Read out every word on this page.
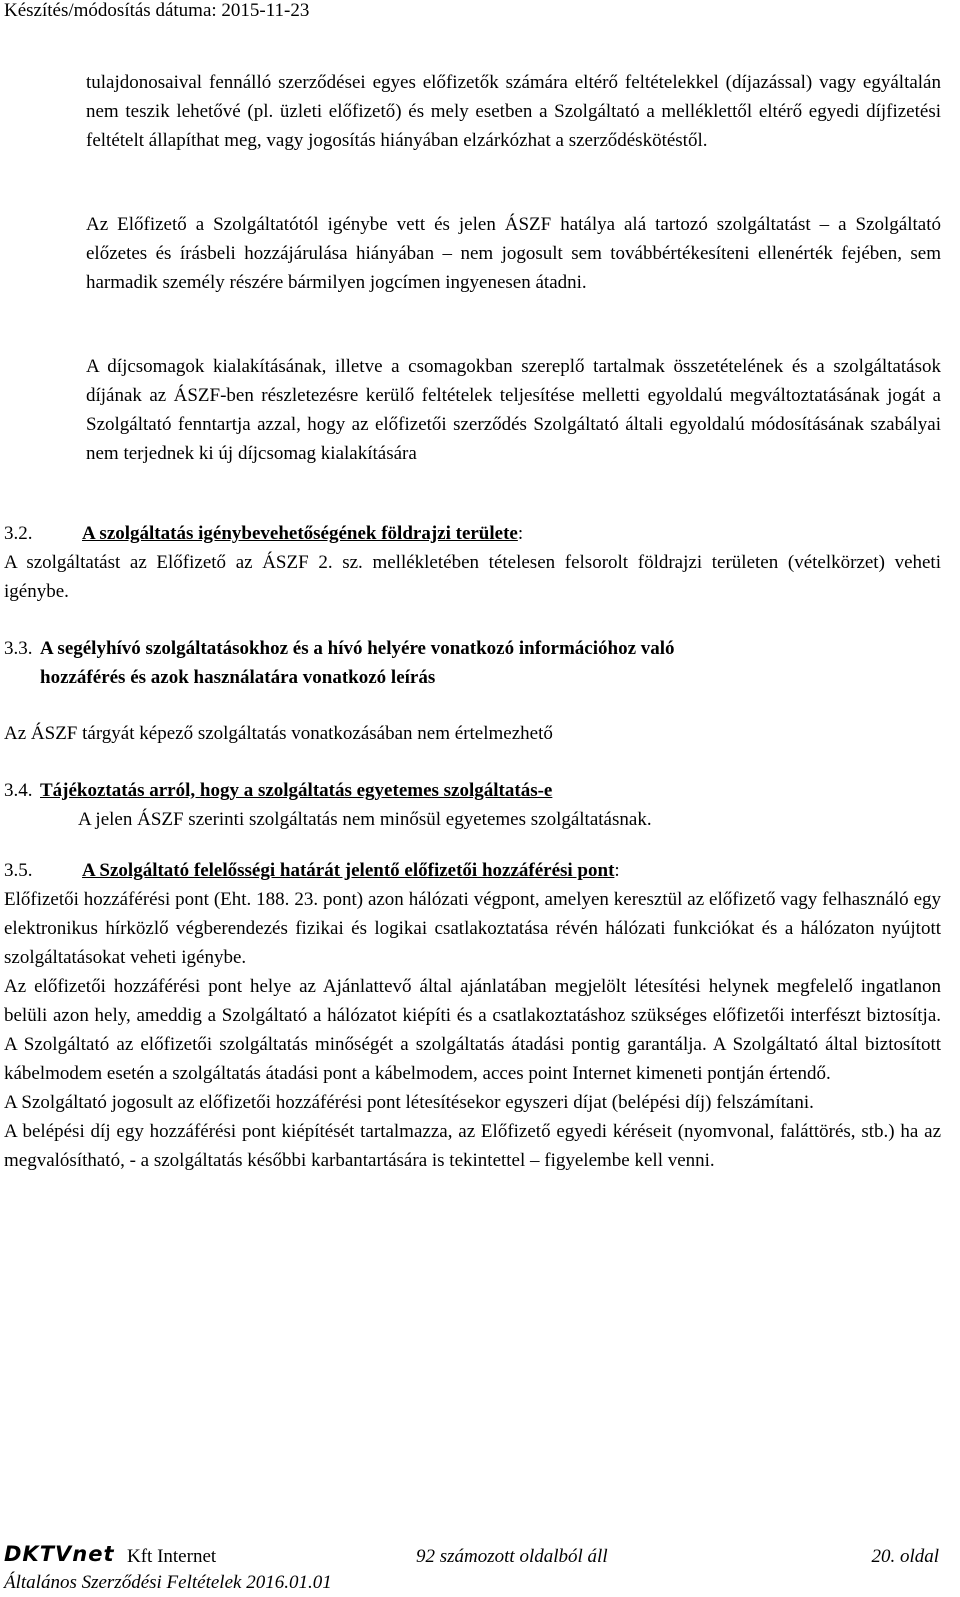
Készítés/módosítás dátuma: 2015-11-23

tulajdonosaival fennálló szerződései egyes előfizetők számára eltérő feltételekkel (díjazással) vagy egyáltalán nem teszik lehetővé (pl. üzleti előfizető) és mely esetben a Szolgáltató a melléklettől eltérő egyedi díjfizetési feltételt állapíthat meg, vagy jogosítás hiányában elzárkózhat a szerződéskötéstől.

Az Előfizető a Szolgáltatótól igénybe vett és jelen ÁSZF hatálya alá tartozó szolgáltatást – a Szolgáltató előzetes és írásbeli hozzájárulása hiányában – nem jogosult sem továbbértékesíteni ellenérték fejében, sem harmadik személy részére bármilyen jogcímen ingyenesen átadni.

A díjcsomagok kialakításának, illetve a csomagokban szereplő tartalmak összetételének és a szolgáltatások díjának az ÁSZF-ben részletezésre kerülő feltételek teljesítése melletti egyoldalú megváltoztatásának jogát a Szolgáltató fenntartja azzal, hogy az előfizetői szerződés Szolgáltató általi egyoldalú módosításának szabályai nem terjednek ki új díjcsomag kialakítására

3.2.	A szolgáltatás igénybevehetőségének földrajzi területe:

A szolgáltatást az Előfizető az ÁSZF 2. sz. mellékletében tételesen felsorolt földrajzi területen (vételkörzet) veheti igénybe.

3.3. A segélyhívó szolgáltatásokhoz és a hívó helyére vonatkozó információhoz való
hozzáférés és azok használatára vonatkozó leírás

Az ÁSZF tárgyát képező szolgáltatás vonatkozásában nem értelmezhető

3.4. Tájékoztatás arról, hogy a szolgáltatás egyetemes szolgáltatás-e

A jelen ÁSZF szerinti szolgáltatás nem minősül egyetemes szolgáltatásnak.

3.5.	A Szolgáltató felelősségi határát jelentő előfizetői hozzáférési pont:

Előfizetői hozzáférési pont (Eht. 188. 23. pont) azon hálózati végpont, amelyen keresztül az előfizető vagy felhasználó egy elektronikus hírközlő végberendezés fizikai és logikai csatlakoztatása révén hálózati funkciókat és a hálózaton nyújtott szolgáltatásokat veheti igénybe.

Az előfizetői hozzáférési pont helye az Ajánlattevő által ajánlatában megjelölt létesítési helynek megfelelő ingatlanon belüli azon hely, ameddig a Szolgáltató a hálózatot kiépíti és a csatlakoztatáshoz szükséges előfizetői interfészt biztosítja. A Szolgáltató az előfizetői szolgáltatás minőségét a szolgáltatás átadási pontig garantálja. A Szolgáltató által biztosított kábelmodem esetén a szolgáltatás átadási pont a kábelmodem, acces point Internet kimeneti pontján értendő.

A Szolgáltató jogosult az előfizetői hozzáférési pont létesítésekor egyszeri díjat (belépési díj) felszámítani.

A belépési díj egy hozzáférési pont kiépítését tartalmazza, az Előfizető egyedi kéréseit (nyomvonal, faláttörés, stb.) ha az megvalósítható, - a szolgáltatás későbbi karbantartására is tekintettel – figyelembe kell venni.

DKTVnet Kft Internet	92 számozott oldalból áll	20. oldal
Általános Szerződési Feltételek 2016.01.01
